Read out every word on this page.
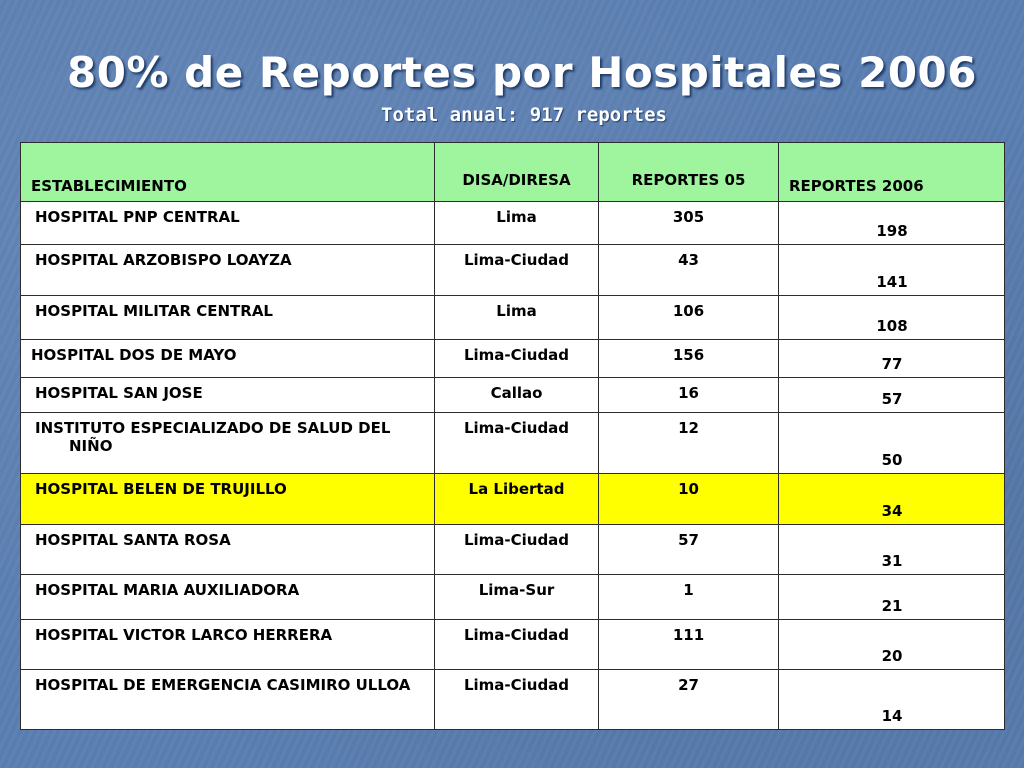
80% de Reportes por Hospitales 2006
Total anual: 917 reportes
ESTABLECIMIENTO	DISA/DIRESA	REPORTES 05	REPORTES 2006

HOSPITAL PNP CENTRAL	Lima	305	198
HOSPITAL ARZOBISPO LOAYZA	Lima-Ciudad	43	141
HOSPITAL MILITAR CENTRAL	Lima	106	108
HOSPITAL DOS DE MAYO	Lima-Ciudad	156	77
HOSPITAL SAN JOSE	Callao	16	57
INSTITUTO ESPECIALIZADO DE SALUD DEL NIÑO	Lima-Ciudad	12	50
HOSPITAL BELEN DE TRUJILLO	La Libertad	10	34
HOSPITAL SANTA ROSA	Lima-Ciudad	57	31
HOSPITAL MARIA AUXILIADORA	Lima-Sur	1	21
HOSPITAL VICTOR LARCO HERRERA	Lima-Ciudad	111	20
HOSPITAL DE EMERGENCIA CASIMIRO ULLOA	Lima-Ciudad	27	14
